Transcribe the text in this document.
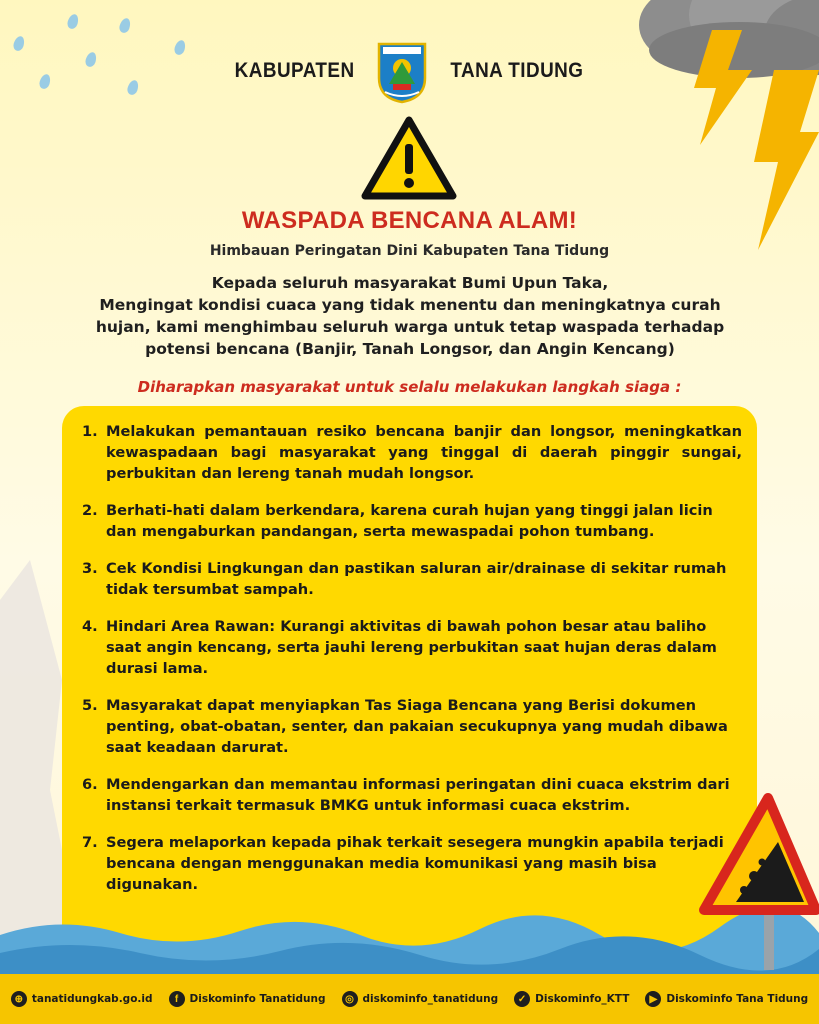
KABUPATEN	TANA TIDUNG
WASPADA BENCANA ALAM!
Himbauan Peringatan Dini Kabupaten Tana Tidung

Kepada seluruh masyarakat Bumi Upun Taka,

Mengingat kondisi cuaca yang tidak menentu dan meningkatnya curah hujan, kami menghimbau seluruh warga untuk tetap waspada terhadap potensi bencana (Banjir, Tanah Longsor, dan Angin Kencang)

Diharapkan masyarakat untuk selalu melakukan langkah siaga :
1. Melakukan pemantauan resiko bencana banjir dan longsor, meningkatkan kewaspadaan bagi masyarakat yang tinggal di daerah pinggir sungai, perbukitan dan lereng tanah mudah longsor.
2. Berhati-hati dalam berkendara, karena curah hujan yang tinggi jalan licin dan mengaburkan pandangan, serta mewaspadai pohon tumbang.
3. Cek Kondisi Lingkungan dan pastikan saluran air/drainase di sekitar rumah tidak tersumbat sampah.
4. Hindari Area Rawan: Kurangi aktivitas di bawah pohon besar atau baliho saat angin kencang, serta jauhi lereng perbukitan saat hujan deras dalam durasi lama.
5. Masyarakat dapat menyiapkan Tas Siaga Bencana yang Berisi dokumen penting, obat-obatan, senter, dan pakaian secukupnya yang mudah dibawa saat keadaan darurat.
6. Mendengarkan dan memantau informasi peringatan dini cuaca ekstrim dari instansi terkait termasuk BMKG untuk informasi cuaca ekstrim.
7. Segera melaporkan kepada pihak terkait sesegera mungkin apabila terjadi bencana dengan menggunakan media komunikasi yang masih bisa digunakan.
⊕ tanatidungkab.go.id	f	Diskominfo Tanatidung	◎ diskominfo_tanatidung	✓ Diskominfo_KTT	▶ Diskominfo Tana Tidung
